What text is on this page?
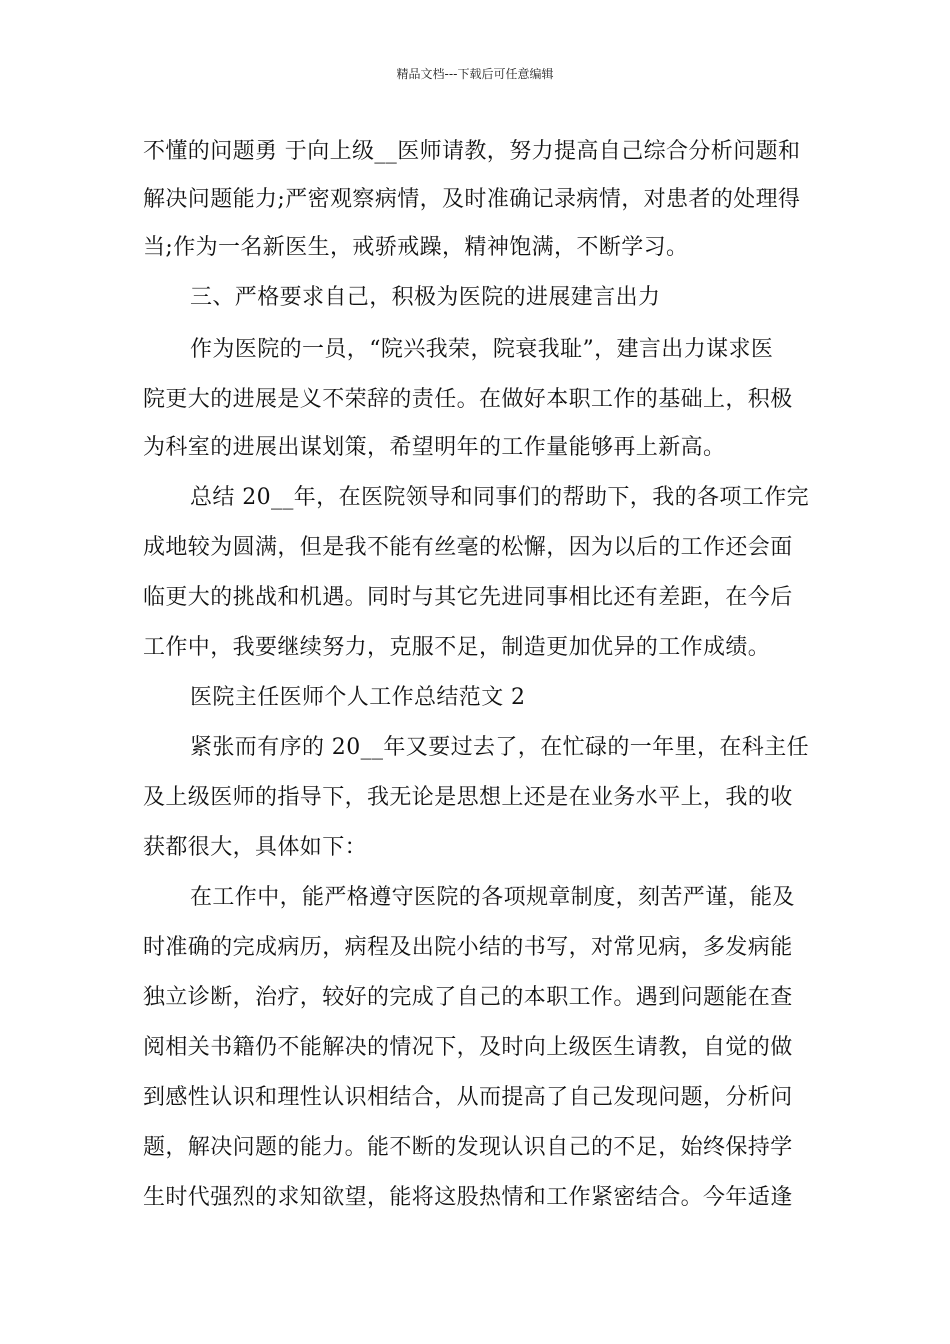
精品文档---下载后可任意编辑
不懂的问题勇 于向上级__医师请教，努力提高自己综合分析问题和
解决问题能力;严密观察病情，及时准确记录病情，对患者的处理得
当;作为一名新医生，戒骄戒躁，精神饱满，不断学习。
三、严格要求自己，积极为医院的进展建言出力
作为医院的一员，“院兴我荣，院衰我耻”，建言出力谋求医
院更大的进展是义不荣辞的责任。在做好本职工作的基础上，积极
为科室的进展出谋划策，希望明年的工作量能够再上新高。
总结 20__年，在医院领导和同事们的帮助下，我的各项工作完
成地较为圆满，但是我不能有丝毫的松懈，因为以后的工作还会面
临更大的挑战和机遇。同时与其它先进同事相比还有差距，在今后
工作中，我要继续努力，克服不足，制造更加优异的工作成绩。
医院主任医师个人工作总结范文 2
紧张而有序的 20__年又要过去了，在忙碌的一年里，在科主任
及上级医师的指导下，我无论是思想上还是在业务水平上，我的收
获都很大，具体如下：
在工作中，能严格遵守医院的各项规章制度，刻苦严谨，能及
时准确的完成病历，病程及出院小结的书写，对常见病，多发病能
独立诊断，治疗，较好的完成了自己的本职工作。遇到问题能在查
阅相关书籍仍不能解决的情况下，及时向上级医生请教，自觉的做
到感性认识和理性认识相结合，从而提高了自己发现问题，分析问
题，解决问题的能力。能不断的发现认识自己的不足，始终保持学
生时代强烈的求知欲望，能将这股热情和工作紧密结合。今年适逢
